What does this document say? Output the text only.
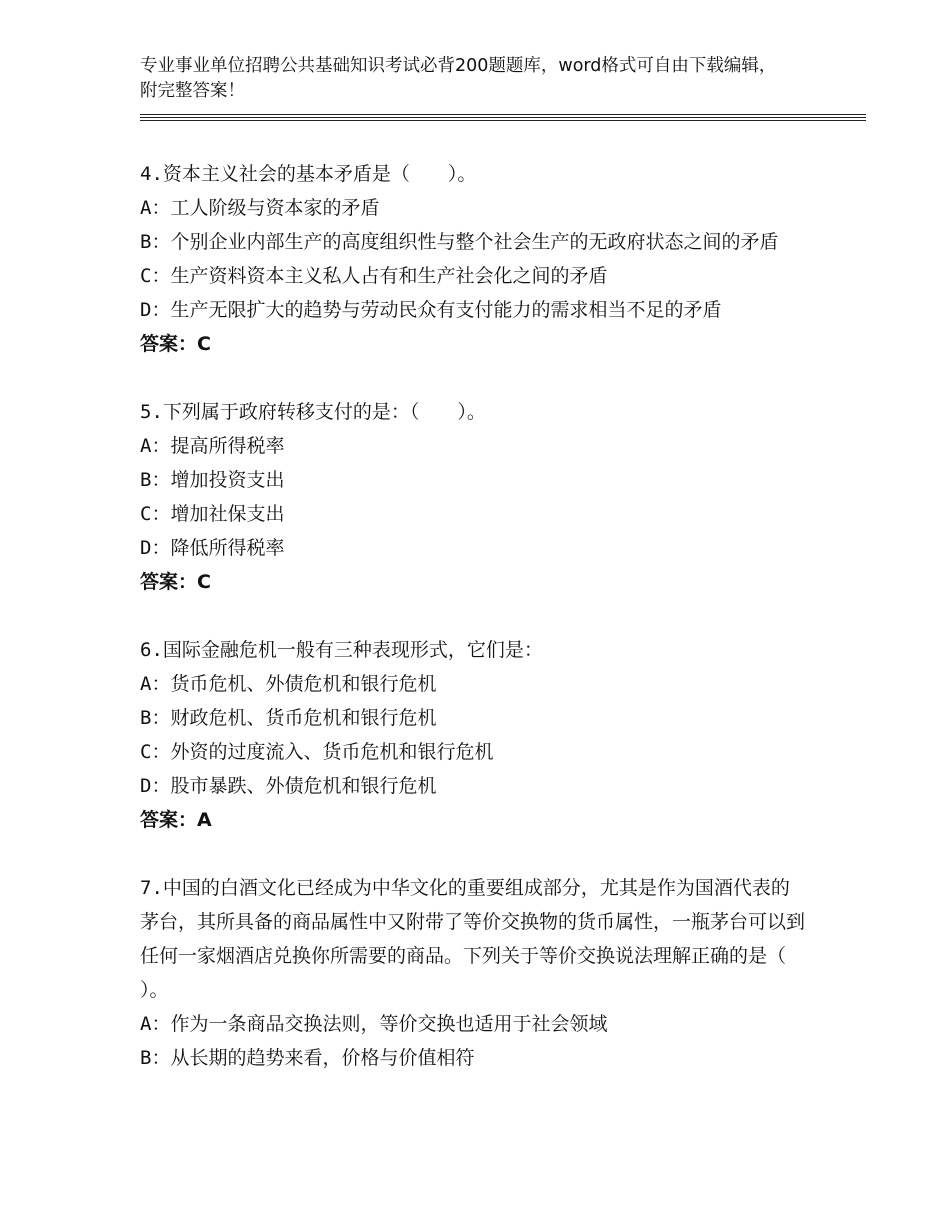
专业事业单位招聘公共基础知识考试必背200题题库，word格式可自由下载编辑，附完整答案！
4.资本主义社会的基本矛盾是（　　）。
A：工人阶级与资本家的矛盾
B：个别企业内部生产的高度组织性与整个社会生产的无政府状态之间的矛盾
C：生产资料资本主义私人占有和生产社会化之间的矛盾
D：生产无限扩大的趋势与劳动民众有支付能力的需求相当不足的矛盾
答案：C
5.下列属于政府转移支付的是：（　　）。
A：提高所得税率
B：增加投资支出
C：增加社保支出
D：降低所得税率
答案：C
6.国际金融危机一般有三种表现形式，它们是：
A：货币危机、外债危机和银行危机
B：财政危机、货币危机和银行危机
C：外资的过度流入、货币危机和银行危机
D：股市暴跌、外债危机和银行危机
答案：A
7.中国的白酒文化已经成为中华文化的重要组成部分，尤其是作为国酒代表的茅台，其所具备的商品属性中又附带了等价交换物的货币属性，一瓶茅台可以到任何一家烟酒店兑换你所需要的商品。下列关于等价交换说法理解正确的是（　　）。
A：作为一条商品交换法则，等价交换也适用于社会领域
B：从长期的趋势来看，价格与价值相符
